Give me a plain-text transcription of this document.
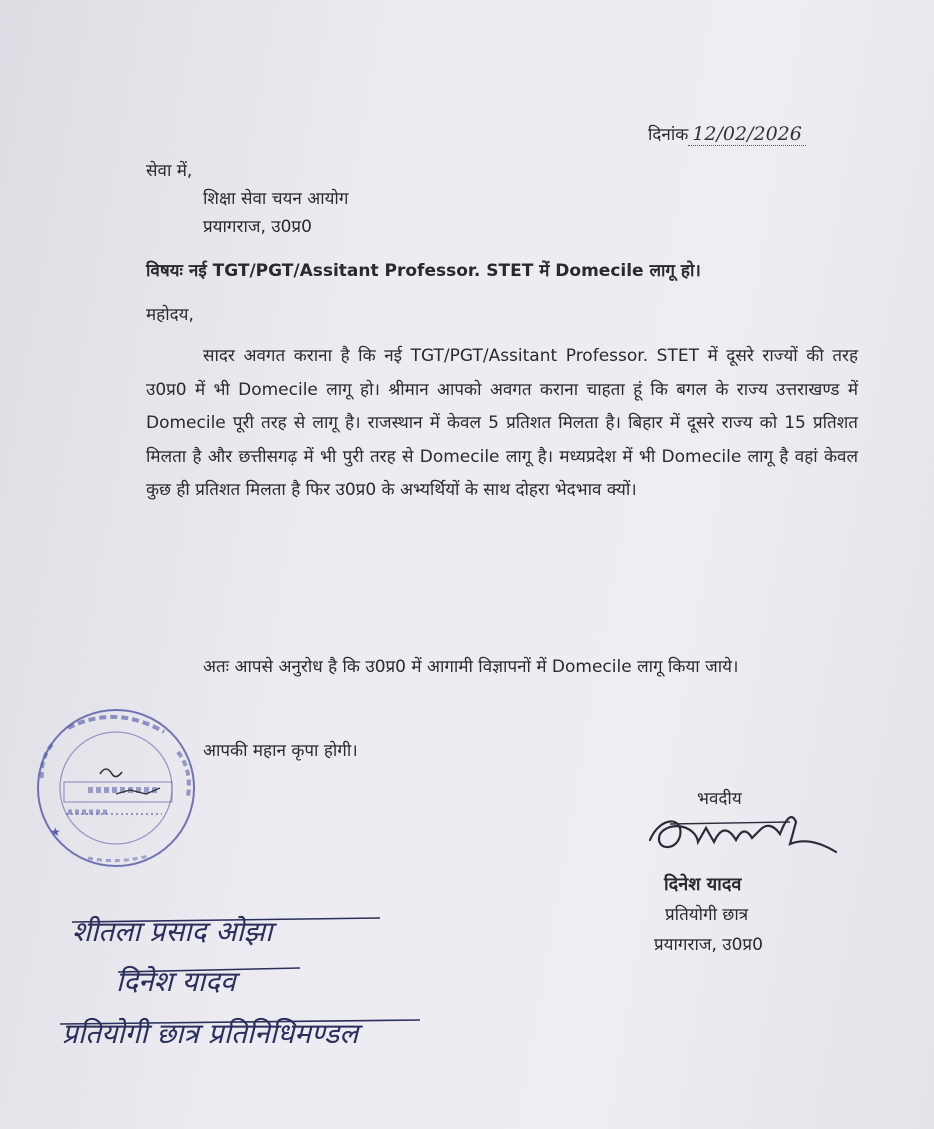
दिनांक 12/02/2026
सेवा में,
शिक्षा सेवा चयन आयोग
प्रयागराज, उ0प्र0
विषयः नई TGT/PGT/Assitant Professor. STET में Domecile लागू हो।
महोदय,
सादर अवगत कराना है कि नई TGT/PGT/Assitant Professor. STET में दूसरे राज्यों की तरह उ0प्र0 में भी Domecile लागू हो। श्रीमान आपको अवगत कराना चाहता हूं कि बगल के राज्य उत्तराखण्ड में Domecile पूरी तरह से लागू है। राजस्थान में केवल 5 प्रतिशत मिलता है। बिहार में दूसरे राज्य को 15 प्रतिशत मिलता है और छत्तीसगढ़ में भी पुरी तरह से Domecile लागू है। मध्यप्रदेश में भी Domecile लागू है वहां केवल कुछ ही प्रतिशत मिलता है फिर उ0प्र0 के अभ्यर्थियों के साथ दोहरा भेदभाव क्यों।
अतः आपसे अनुरोध है कि उ0प्र0 में आगामी विज्ञापनों में Domecile लागू किया जाये।
आपकी महान कृपा होगी।
★
भवदीय
दिनेश यादव
प्रतियोगी छात्र
प्रयागराज, उ0प्र0
शीतला प्रसाद ओझा
दिनेश यादव
प्रतियोगी छात्र प्रतिनिधिमण्डल
